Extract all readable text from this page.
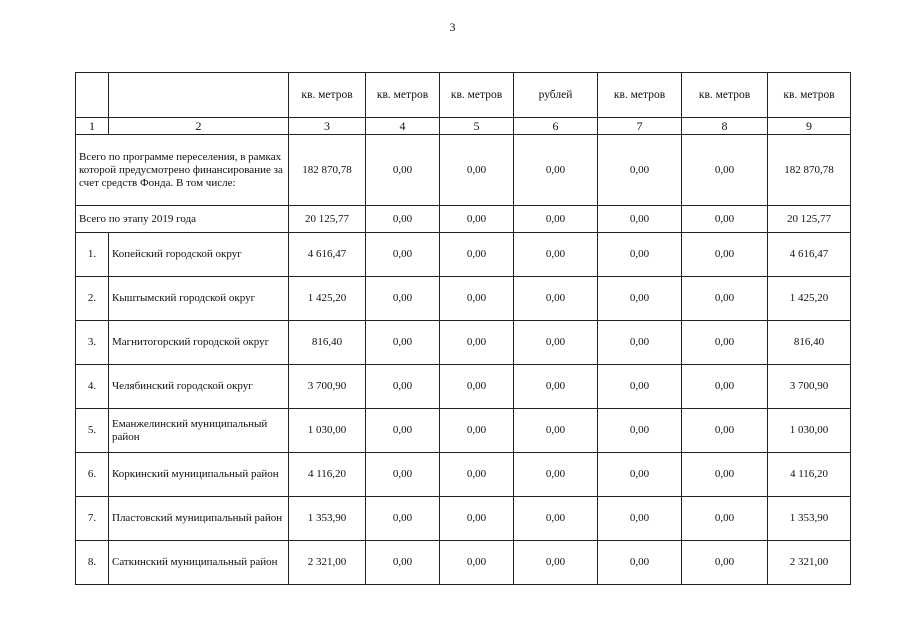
3
		кв. метров	кв. метров	кв. метров	рублей	кв. метров	кв. метров	кв. метров
1	2	3	4	5	6	7	8	9
Всего по программе переселения, в рамках которой предусмотрено финансирование за счет средств Фонда. В том числе:		182 870,78	0,00	0,00	0,00	0,00	0,00	182 870,78
Всего по этапу 2019 года		20 125,77	0,00	0,00	0,00	0,00	0,00	20 125,77
1.	Копейский городской округ	4 616,47	0,00	0,00	0,00	0,00	0,00	4 616,47
2.	Кыштымский городской округ	1 425,20	0,00	0,00	0,00	0,00	0,00	1 425,20
3.	Магнитогорский городской округ	816,40	0,00	0,00	0,00	0,00	0,00	816,40
4.	Челябинский городской округ	3 700,90	0,00	0,00	0,00	0,00	0,00	3 700,90
5.	Еманжелинский муниципальный район	1 030,00	0,00	0,00	0,00	0,00	0,00	1 030,00
6.	Коркинский муниципальный район	4 116,20	0,00	0,00	0,00	0,00	0,00	4 116,20
7.	Пластовский муниципальный район	1 353,90	0,00	0,00	0,00	0,00	0,00	1 353,90
8.	Саткинский муниципальный район	2 321,00	0,00	0,00	0,00	0,00	0,00	2 321,00
